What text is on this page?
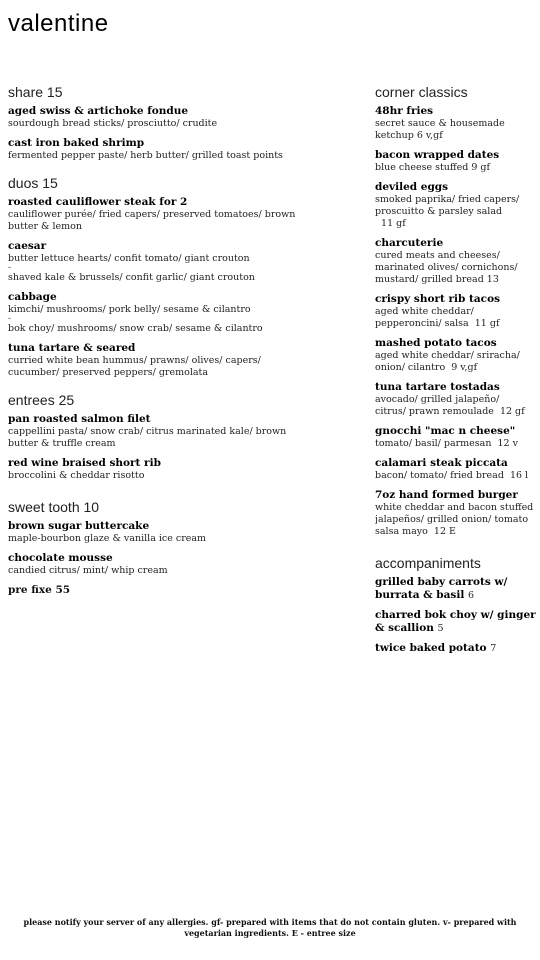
valentine
share 15
aged swiss & artichoke fondue
sourdough bread sticks/ prosciutto/ crudite
cast iron baked shrimp
fermented pepper paste/ herb butter/ grilled toast points
duos 15
roasted cauliflower steak for 2
cauliflower purée/ fried capers/ preserved tomatoes/ brown
butter & lemon
caesar
butter lettuce hearts/ confit tomato/ giant crouton
-
shaved kale & brussels/ confit garlic/ giant crouton
cabbage
kimchi/ mushrooms/ pork belly/ sesame & cilantro
-
bok choy/ mushrooms/ snow crab/ sesame & cilantro
tuna tartare & seared
curried white bean hummus/ prawns/ olives/ capers/
cucumber/ preserved peppers/ gremolata
entrees 25
pan roasted salmon filet
cappellini pasta/ snow crab/ citrus marinated kale/ brown
butter & truffle cream
red wine braised short rib
broccolini & cheddar risotto
sweet tooth 10
brown sugar buttercake
maple-bourbon glaze & vanilla ice cream
chocolate mousse
candied citrus/ mint/ whip cream
pre fixe 55
corner classics
48hr fries
secret sauce & housemade
ketchup 6 v,gf
bacon wrapped dates
blue cheese stuffed 9 gf
deviled eggs
smoked paprika/ fried capers/
proscuitto & parsley salad
11 gf
charcuterie
cured meats and cheeses/
marinated olives/ cornichons/
mustard/ grilled bread 13
crispy short rib tacos
aged white cheddar/
pepperoncini/ salsa  11 gf
mashed potato tacos
aged white cheddar/ sriracha/
onion/ cilantro  9 v,gf
tuna tartare tostadas
avocado/ grilled jalapeño/
citrus/ prawn remoulade  12 gf
gnocchi "mac n cheese"
tomato/ basil/ parmesan  12 v
calamari steak piccata
bacon/ tomato/ fried bread  16 l
7oz hand formed burger
white cheddar and bacon stuffed
jalapeños/ grilled onion/ tomato
salsa mayo  12 E
accompaniments
grilled baby carrots w/
burrata & basil 6
charred bok choy w/ ginger
& scallion 5
twice baked potato 7
please notify your server of any allergies. gf- prepared with items that do not contain gluten. v- prepared with
vegetarian ingredients. E - entree size
